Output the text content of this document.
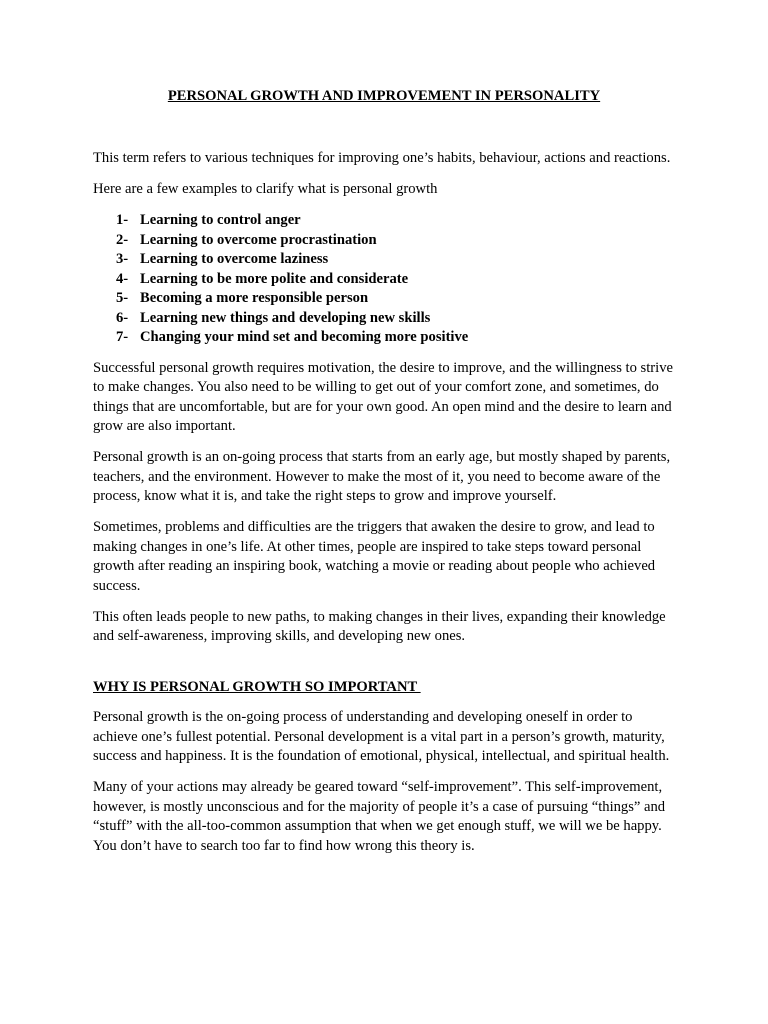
PERSONAL GROWTH AND IMPROVEMENT IN PERSONALITY

This term refers to various techniques for improving one’s habits, behaviour, actions and reactions.

Here are a few examples to clarify what is personal growth

1- Learning to control anger
2- Learning to overcome procrastination
3- Learning to overcome laziness
4- Learning to be more polite and considerate
5- Becoming a more responsible person
6- Learning new things and developing new skills
7- Changing your mind set and becoming more positive

Successful personal growth requires motivation, the desire to improve, and the willingness to strive to make changes. You also need to be willing to get out of your comfort zone, and sometimes, do things that are uncomfortable, but are for your own good. An open mind and the desire to learn and grow are also important.

Personal growth is an on-going process that starts from an early age, but mostly shaped by parents, teachers, and the environment. However to make the most of it, you need to become aware of the process, know what it is, and take the right steps to grow and improve yourself.

Sometimes, problems and difficulties are the triggers that awaken the desire to grow, and lead to making changes in one’s life. At other times, people are inspired to take steps toward personal growth after reading an inspiring book, watching a movie or reading about people who achieved success.

This often leads people to new paths, to making changes in their lives, expanding their knowledge and self-awareness, improving skills, and developing new ones.

WHY IS PERSONAL GROWTH SO IMPORTANT

Personal growth is the on-going process of understanding and developing oneself in order to achieve one’s fullest potential. Personal development is a vital part in a person’s growth, maturity, success and happiness. It is the foundation of emotional, physical, intellectual, and spiritual health.

Many of your actions may already be geared toward “self-improvement”. This self-improvement, however, is mostly unconscious and for the majority of people it’s a case of pursuing “things” and “stuff” with the all-too-common assumption that when we get enough stuff, we will we be happy. You don’t have to search too far to find how wrong this theory is.
